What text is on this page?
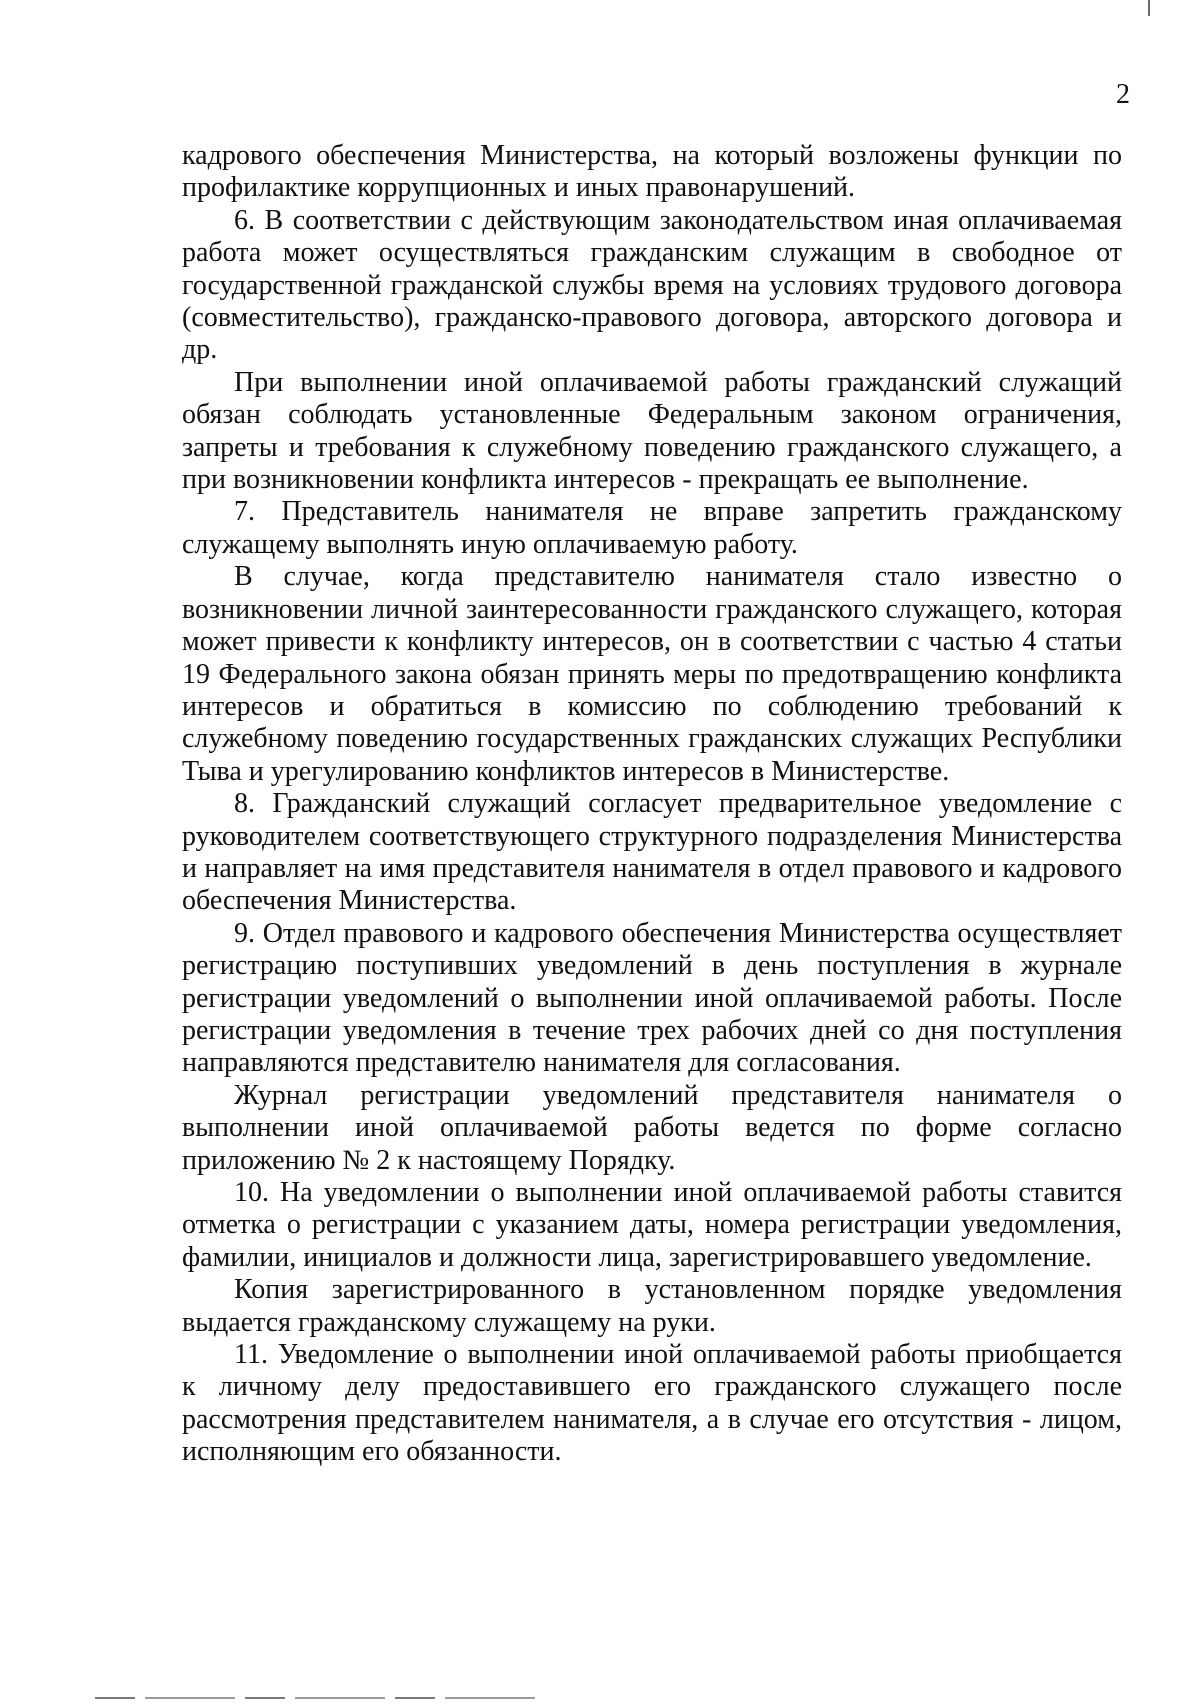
2

кадрового обеспечения Министерства, на который возложены функции по профилактике коррупционных и иных правонарушений.

6. В соответствии с действующим законодательством иная оплачиваемая работа может осуществляться гражданским служащим в свободное от государственной гражданской службы время на условиях трудового договора (совместительство), гражданско-правового договора, авторского договора и др.

При выполнении иной оплачиваемой работы гражданский служащий обязан соблюдать установленные Федеральным законом ограничения, запреты и требования к служебному поведению гражданского служащего, а при возникновении конфликта интересов - прекращать ее выполнение.

7. Представитель нанимателя не вправе запретить гражданскому служащему выполнять иную оплачиваемую работу.

В случае, когда представителю нанимателя стало известно о возникновении личной заинтересованности гражданского служащего, которая может привести к конфликту интересов, он в соответствии с частью 4 статьи 19 Федерального закона обязан принять меры по предотвращению конфликта интересов и обратиться в комиссию по соблюдению требований к служебному поведению государственных гражданских служащих Республики Тыва и урегулированию конфликтов интересов в Министерстве.

8. Гражданский служащий согласует предварительное уведомление с руководителем соответствующего структурного подразделения Министерства и направляет на имя представителя нанимателя в отдел правового и кадрового обеспечения Министерства.

9. Отдел правового и кадрового обеспечения Министерства осуществляет регистрацию поступивших уведомлений в день поступления в журнале регистрации уведомлений о выполнении иной оплачиваемой работы. После регистрации уведомления в течение трех рабочих дней со дня поступления направляются представителю нанимателя для согласования.

Журнал регистрации уведомлений представителя нанимателя о выполнении иной оплачиваемой работы ведется по форме согласно приложению № 2 к настоящему Порядку.

10. На уведомлении о выполнении иной оплачиваемой работы ставится отметка о регистрации с указанием даты, номера регистрации уведомления, фамилии, инициалов и должности лица, зарегистрировавшего уведомление.

Копия зарегистрированного в установленном порядке уведомления выдается гражданскому служащему на руки.

11. Уведомление о выполнении иной оплачиваемой работы приобщается к личному делу предоставившего его гражданского служащего после рассмотрения представителем нанимателя, а в случае его отсутствия - лицом, исполняющим его обязанности.
